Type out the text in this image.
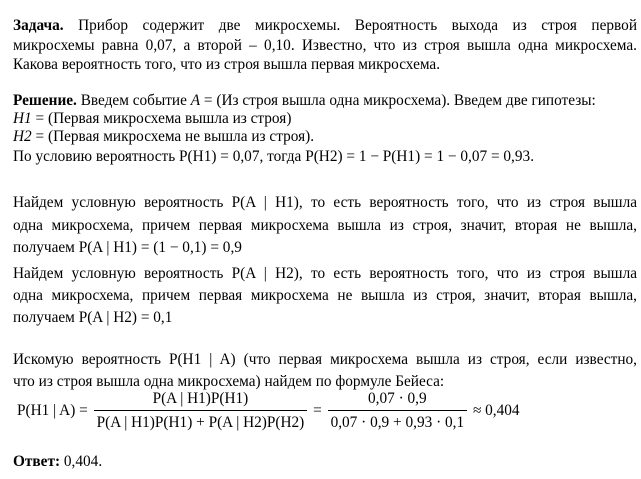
Задача. Прибор содержит две микросхемы. Вероятность выхода из строя первой
микросхемы равна 0,07, а второй – 0,10. Известно, что из строя вышла одна микросхема.
Какова вероятность того, что из строя вышла первая микросхема.
Решение. Введем событие A = (Из строя вышла одна микросхема). Введем две гипотезы:
H1 = (Первая микросхема вышла из строя)
H2 = (Первая микросхема не вышла из строя).
По условию вероятность P(H1) = 0,07, тогда P(H2) = 1 − P(H1) = 1 − 0,07 = 0,93.
Найдем условную вероятность P(A | H1), то есть вероятность того, что из строя вышла
одна микросхема, причем первая микросхема вышла из строя, значит, вторая не вышла,
получаем P(A | H1) = (1 − 0,1) = 0,9
Найдем условную вероятность P(A | H2), то есть вероятность того, что из строя вышла
одна микросхема, причем первая микросхема не вышла из строя, значит, вторая вышла,
получаем P(A | H2) = 0,1
Искомую вероятность P(H1 | A) (что первая микросхема вышла из строя, если известно,
что из строя вышла одна микросхема) найдем по формуле Бейеса:
P(H1 | $A) = \frac{P(A | H1)P(H1)}{P(A | H1)P(H1) + P(A | H2)P(H2)} = \frac{0,07 \cdot 0,9}{0,07 \cdot 0,9 + 0,93 \cdot 0,1} \approx 0,404$
Ответ: 0,404.
